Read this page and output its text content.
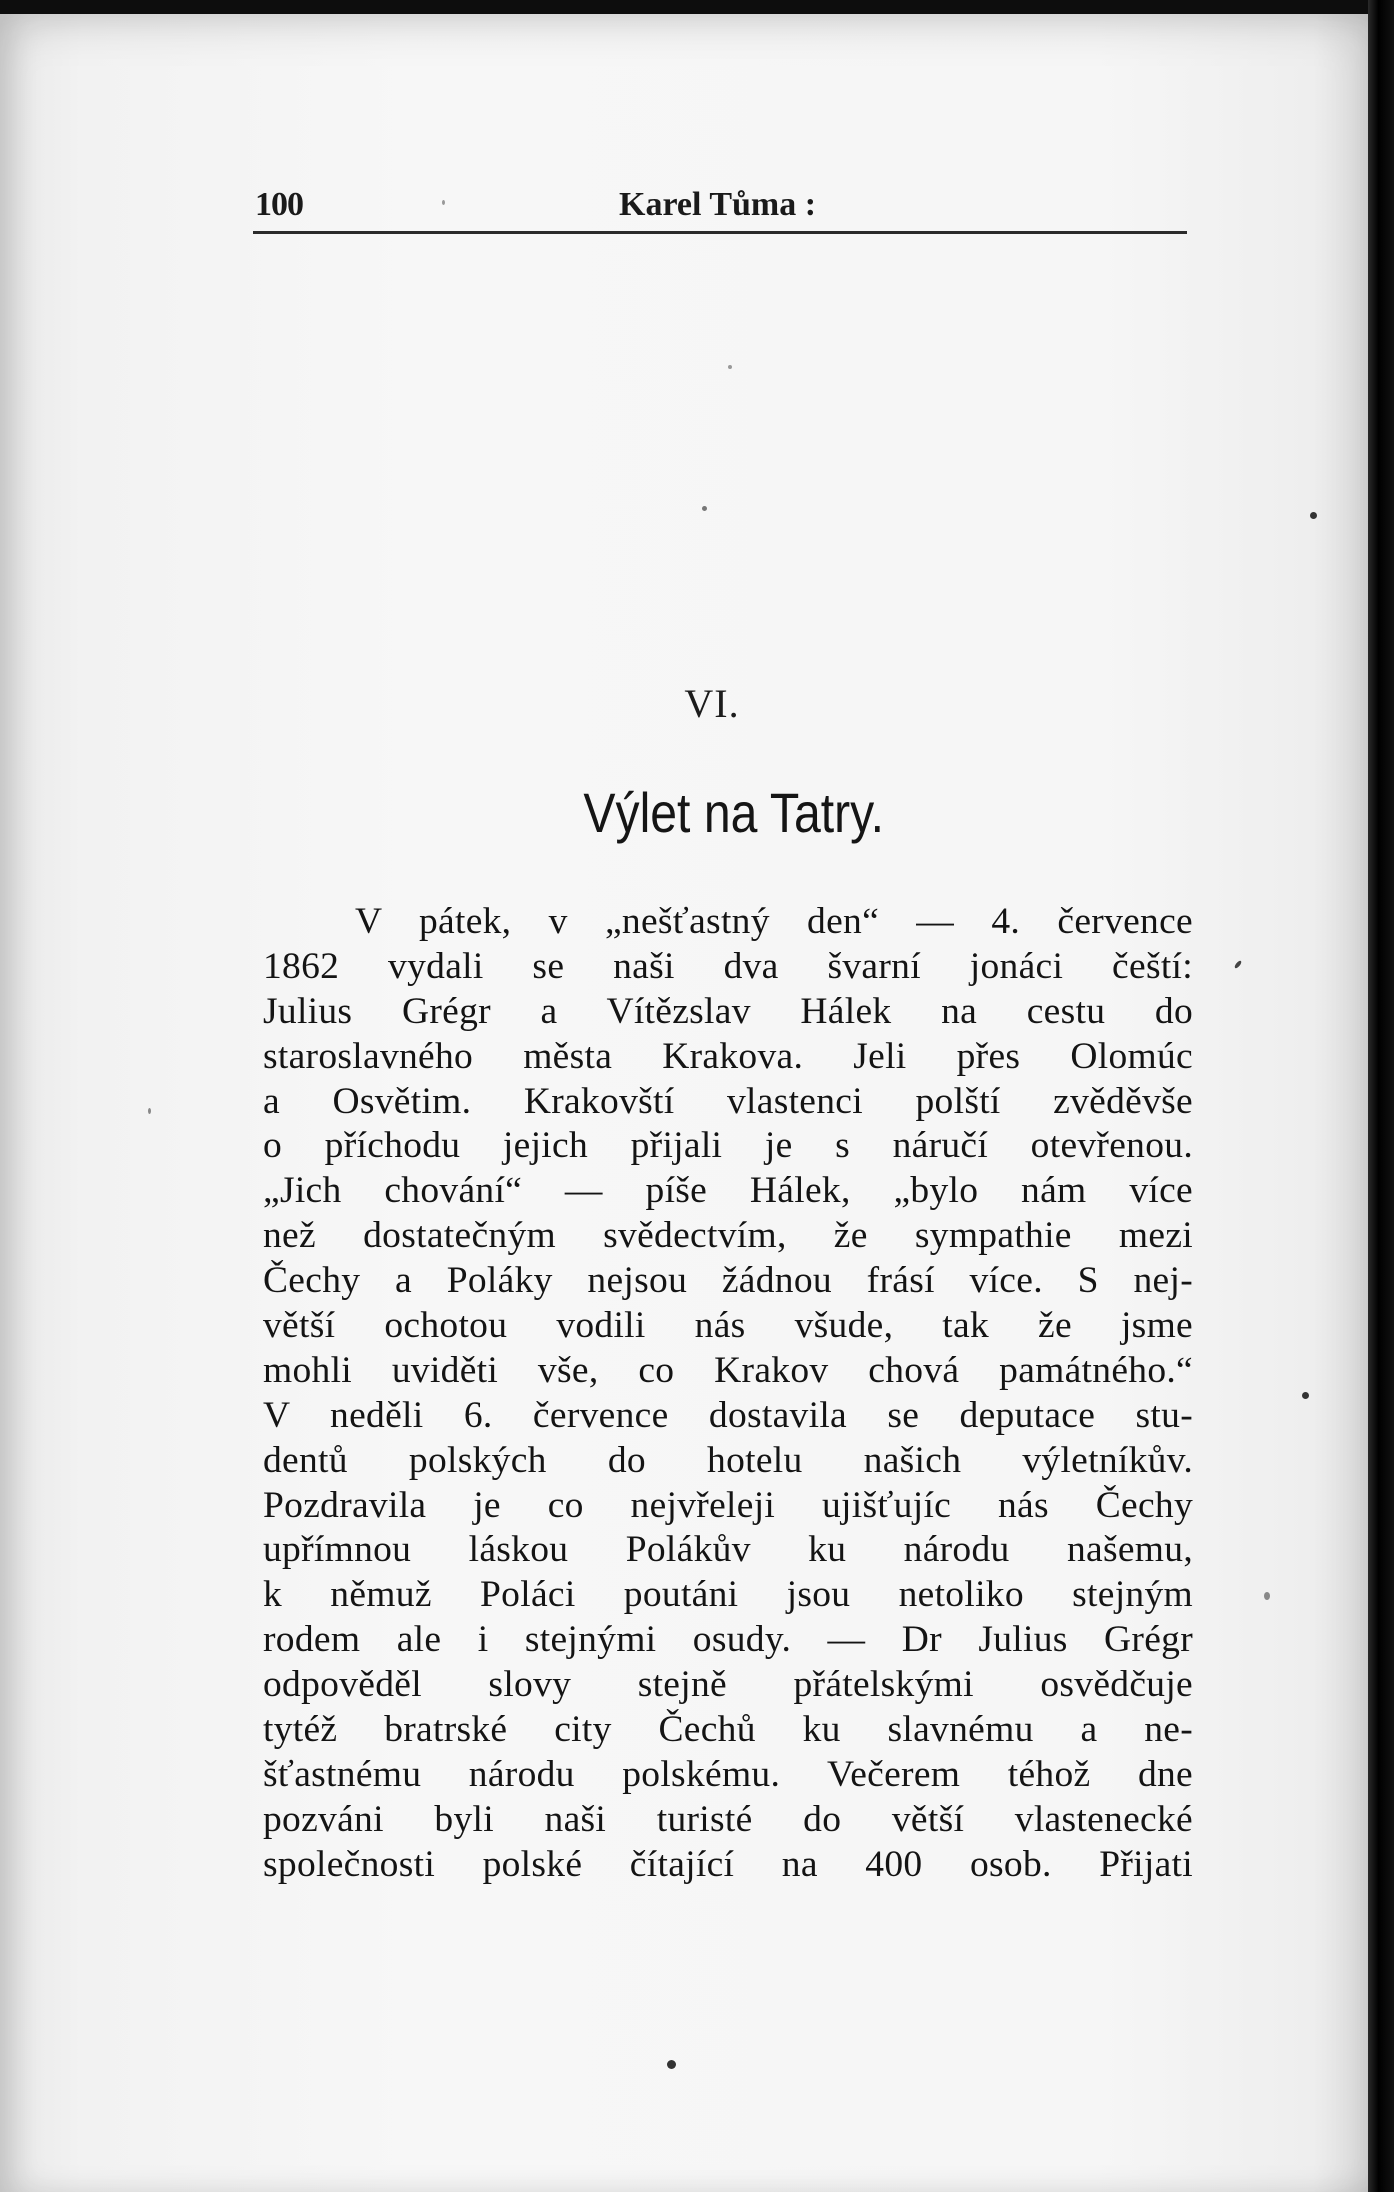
100	Karel Tůma :
VI.
Výlet na Tatry.
V pátek, v „nešťastný den“ — 4. července
1862 vydali se naši dva švarní jonáci čeští:
Julius Grégr a Vítězslav Hálek na cestu do
staroslavného města Krakova. Jeli přes Olomúc
a Osvětim. Krakovští vlastenci polští zvěděvše
o příchodu jejich přijali je s náručí otevřenou.
„Jich chování“ — píše Hálek, „bylo nám více
než dostatečným svědectvím, že sympathie mezi
Čechy a Poláky nejsou žádnou frásí více. S nej-
větší ochotou vodili nás všude, tak že jsme
mohli uviděti vše, co Krakov chová památného.“
V neděli 6. července dostavila se deputace stu-
dentů polských do hotelu našich výletníkův.
Pozdravila je co nejvřeleji ujišťujíc nás Čechy
upřímnou láskou Polákův ku národu našemu,
k němuž Poláci poutáni jsou netoliko stejným
rodem ale i stejnými osudy. — Dr Julius Grégr
odpověděl slovy stejně přátelskými osvědčuje
tytéž bratrské city Čechů ku slavnému a ne-
šťastnému národu polskému. Večerem téhož dne
pozváni byli naši turisté do větší vlastenecké
společnosti polské čítající na 400 osob. Přijati
